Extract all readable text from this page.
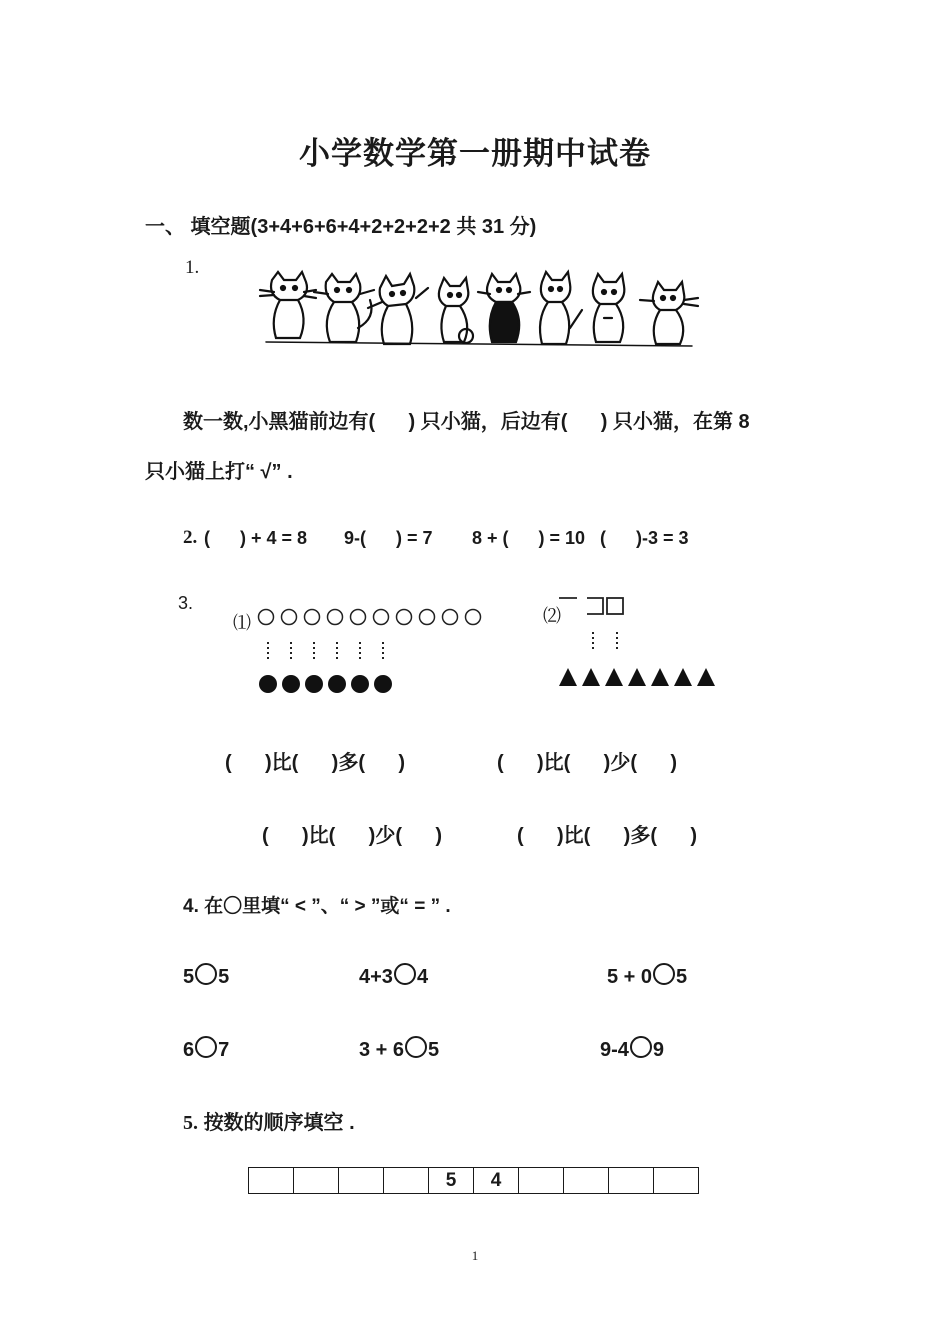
小学数学第一册期中试卷
一、 填空题(3+4+6+6+4+2+2+2+2 共 31 分)
1.
数一数,小黑猫前边有(      ) 只小猫，后边有(      ) 只小猫，在第 8
只小猫上打“ √” .
2. (      ) + 4 = 8 9-(      ) = 7 8 + (      ) = 10 (      )-3 = 3
3.
⑴	⑵
(      )比(      )多(      )	(      )比(      )少(      )
(      )比(      )少(      )	(      )比(      )多(      )
4. 在〇里填“ < ”、“ > ”或“ = ” .
5 5	4+3 4	5 + 0 5
6 7	3 + 6 5	9-4 9
5. 按数的顺序填空 .
				5	4				
1
